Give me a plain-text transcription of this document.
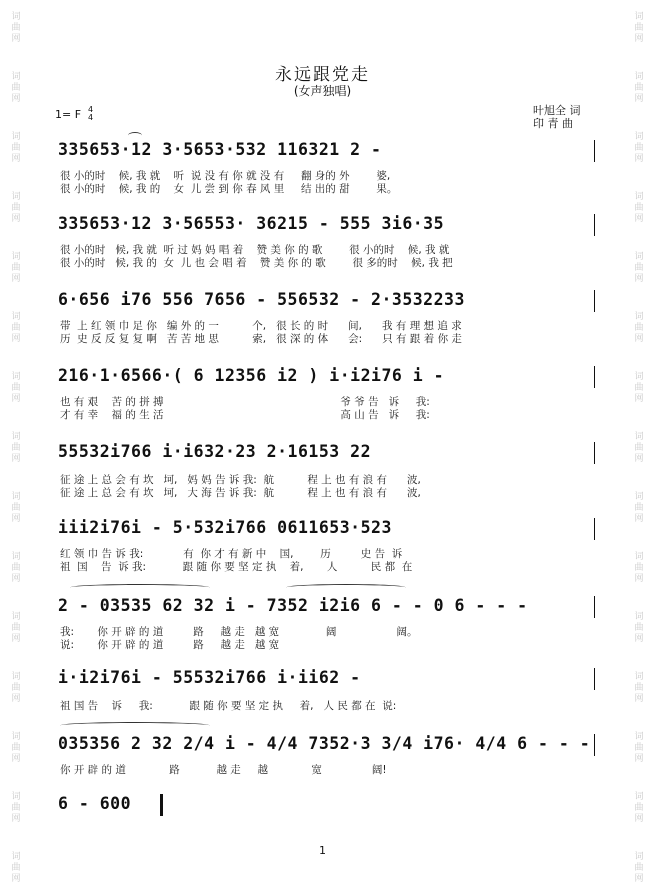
词曲网
词曲网
词曲网
词曲网
词曲网
词曲网
词曲网
词曲网
词曲网
词曲网
词曲网
词曲网
词曲网
词曲网
词曲网
词曲网
词曲网
词曲网
词曲网
词曲网
词曲网
词曲网
词曲网
词曲网
词曲网
词曲网
词曲网
词曲网
词曲网
词曲网
永远跟党走
(女声独唱)
1= F 4
4
叶旭全 词
印 青 曲
335653·12 3·5653·532 116321 2 -
很 小的时    候, 我 就    听  说 没 有 你 就 没 有     翻 身的 外        婆,
很 小的时    候, 我 的    女  儿 尝 到 你 春 风 里     结 出的 甜        果。
335653·12 3·56553· 36215 - 555 3i6·35
很 小的时   候, 我 就  听 过 妈 妈 唱 着    赞 美 你 的 歌        很 小的时    候, 我 就
很 小的时   候, 我 的  女  儿 也 会 唱 着    赞 美 你 的 歌        很 多的时    候, 我 把
6·656 i76 556 7656 - 556532 - 2·3532233
带  上 红 领 巾 足 你   编 外 的 一          个,   很 长 的 时      间,      我 有 理 想 追 求
历  史 反 反 复 复 啊   苦 苦 地 思          索,   很 深 的 体      会:      只 有 跟 着 你 走
216·1·6566·( 6 12356 i2 ) i·i2i76 i -
也 有 艰    苦 的 拼 搏                                                     爷 爷 告   诉     我:
才 有 幸    福 的 生 活                                                     高 山 告   诉     我:
55532i766 i·i632·23 2·16153 22
征 途 上 总 会 有 坎   坷,   妈 妈 告 诉 我:  航          程 上 也 有 浪 有      波,
征 途 上 总 会 有 坎   坷,   大 海 告 诉 我:  航          程 上 也 有 浪 有      波,
iii2i76i - 5·532i766 0611653·523
红 领 巾 告 诉 我:            有  你 才 有 新 中    国,        历         史 告  诉
祖  国    告  诉 我:           跟 随 你 要 坚 定 执    着,       人          民 都  在
2 - 03535 62 32 i - 7352 i2i6 6 - - 0 6 - - -
我:       你 开 辟 的 道         路     越 走   越 宽              阔                  阔。
说:       你 开 辟 的 道         路     越 走   越 宽
i·i2i76i - 55532i766 i·ii62 -
祖 国 告    诉     我:           跟 随 你 要 坚 定 执     着,   人 民 都 在  说:
035356 2 32 2/4 i - 4/4 7352·3 3/4 i76· 4/4 6 - - -
你 开 辟 的 道             路           越 走     越             宽               阔!
6 - 600
1
